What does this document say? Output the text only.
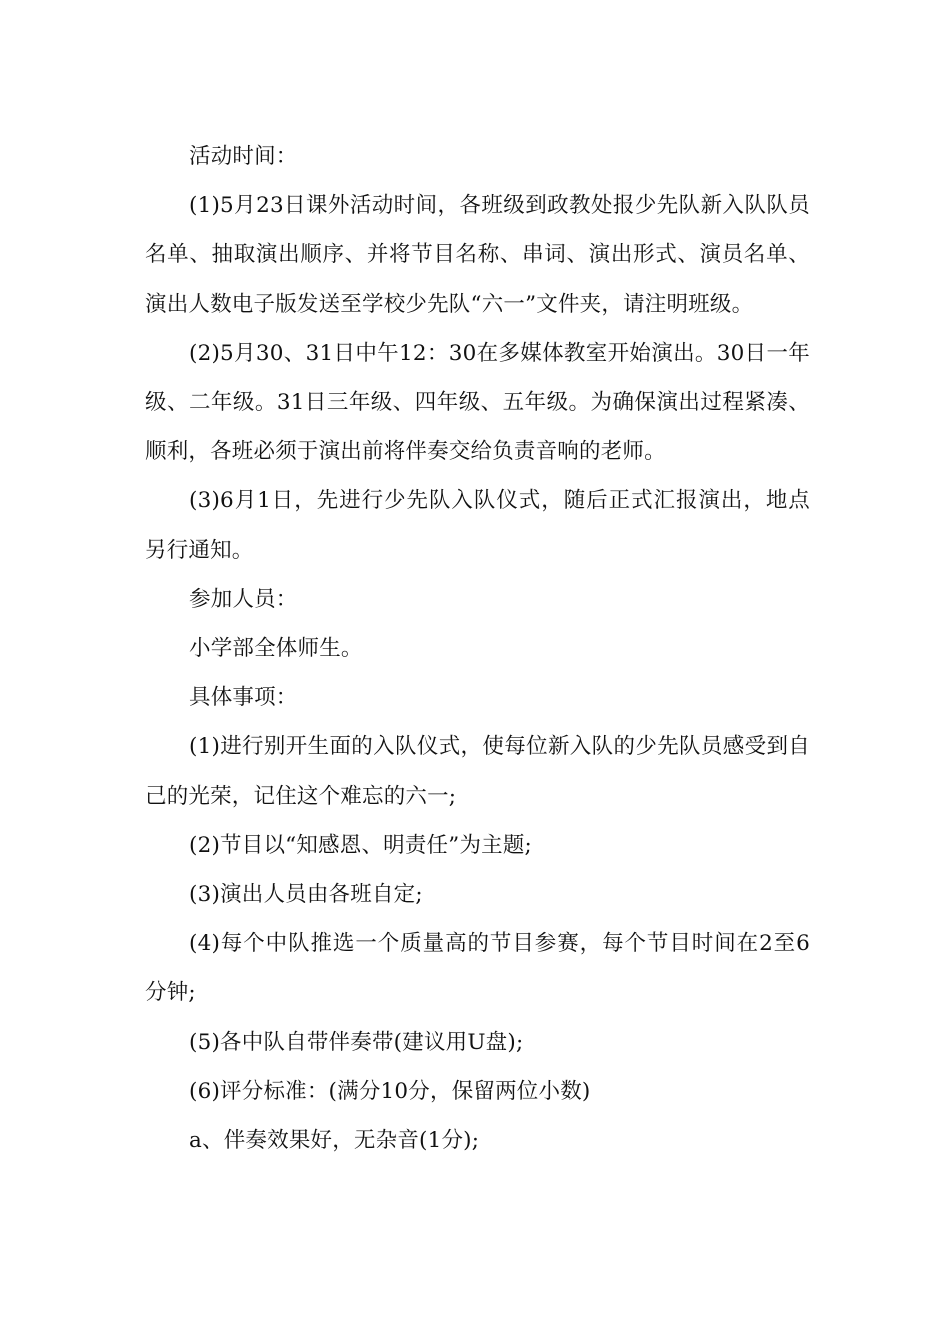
活动时间：

(1)5月23日课外活动时间，各班级到政教处报少先队新入队队员名单、抽取演出顺序、并将节目名称、串词、演出形式、演员名单、演出人数电子版发送至学校少先队“六一”文件夹，请注明班级。

(2)5月30、31日中午12：30在多媒体教室开始演出。30日一年级、二年级。31日三年级、四年级、五年级。为确保演出过程紧凑、顺利，各班必须于演出前将伴奏交给负责音响的老师。

(3)6月1日，先进行少先队入队仪式，随后正式汇报演出，地点另行通知。

参加人员：

小学部全体师生。

具体事项：

(1)进行别开生面的入队仪式，使每位新入队的少先队员感受到自己的光荣，记住这个难忘的六一;

(2)节目以“知感恩、明责任”为主题;

(3)演出人员由各班自定;

(4)每个中队推选一个质量高的节目参赛，每个节目时间在2至6分钟;

(5)各中队自带伴奏带(建议用U盘);

(6)评分标准：(满分10分，保留两位小数)

a、伴奏效果好，无杂音(1分);
